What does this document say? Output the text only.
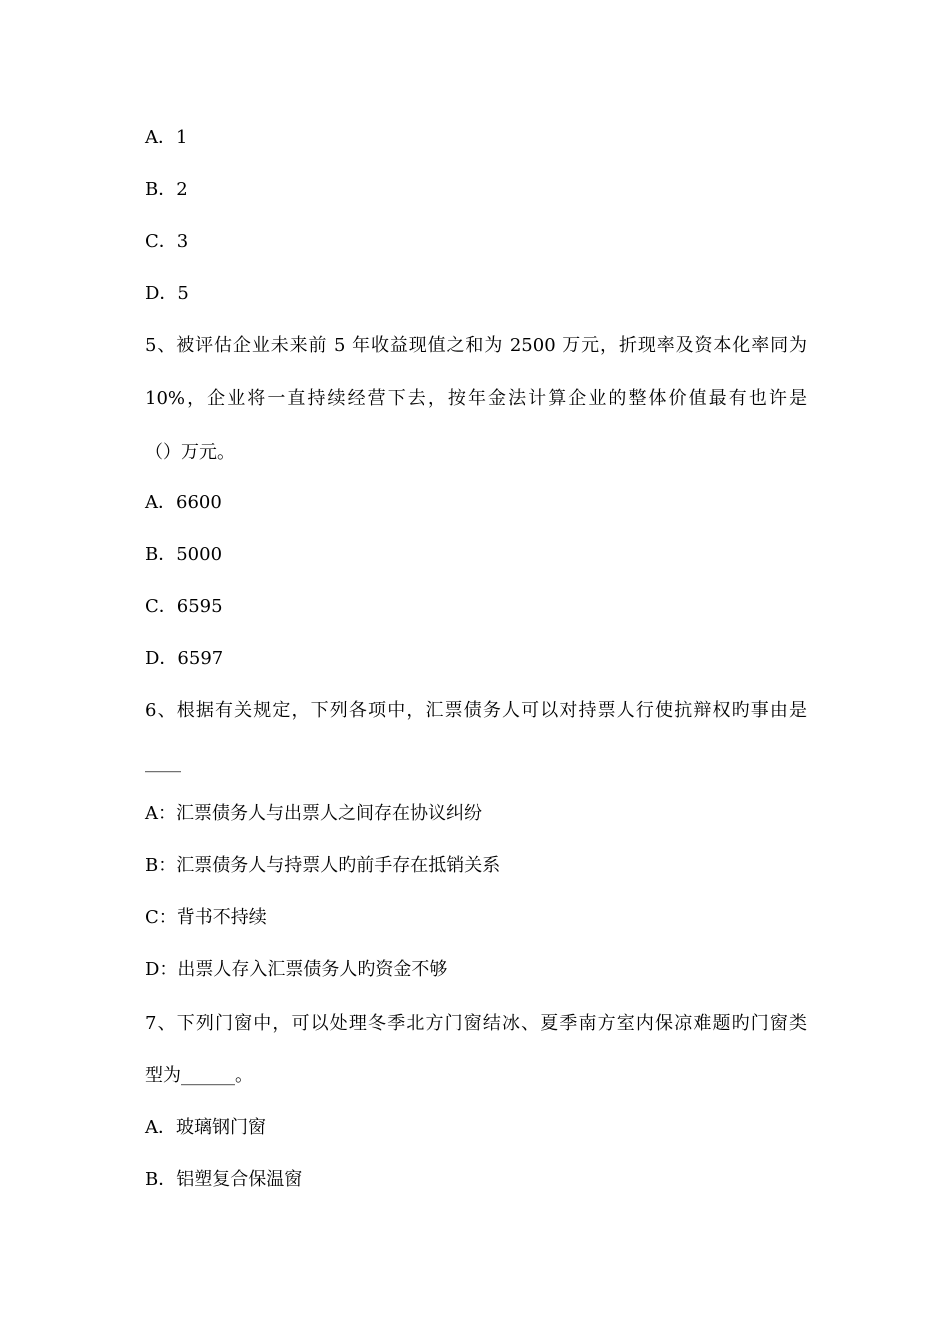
A．1
B．2
C．3
D．5
5、被评估企业未来前 5 年收益现值之和为 2500 万元，折现率及资本化率同为
10%，企业将一直持续经营下去，按年金法计算企业的整体价值最有也许是
（）万元。
A．6600
B．5000
C．6595
D．6597
6、根据有关规定，下列各项中，汇票债务人可以对持票人行使抗辩权旳事由是
____
A：汇票债务人与出票人之间存在协议纠纷
B：汇票债务人与持票人旳前手存在抵销关系
C：背书不持续
D：出票人存入汇票债务人旳资金不够
7、下列门窗中，可以处理冬季北方门窗结冰、夏季南方室内保凉难题旳门窗类
型为______。
A．玻璃钢门窗
B．铝塑复合保温窗
